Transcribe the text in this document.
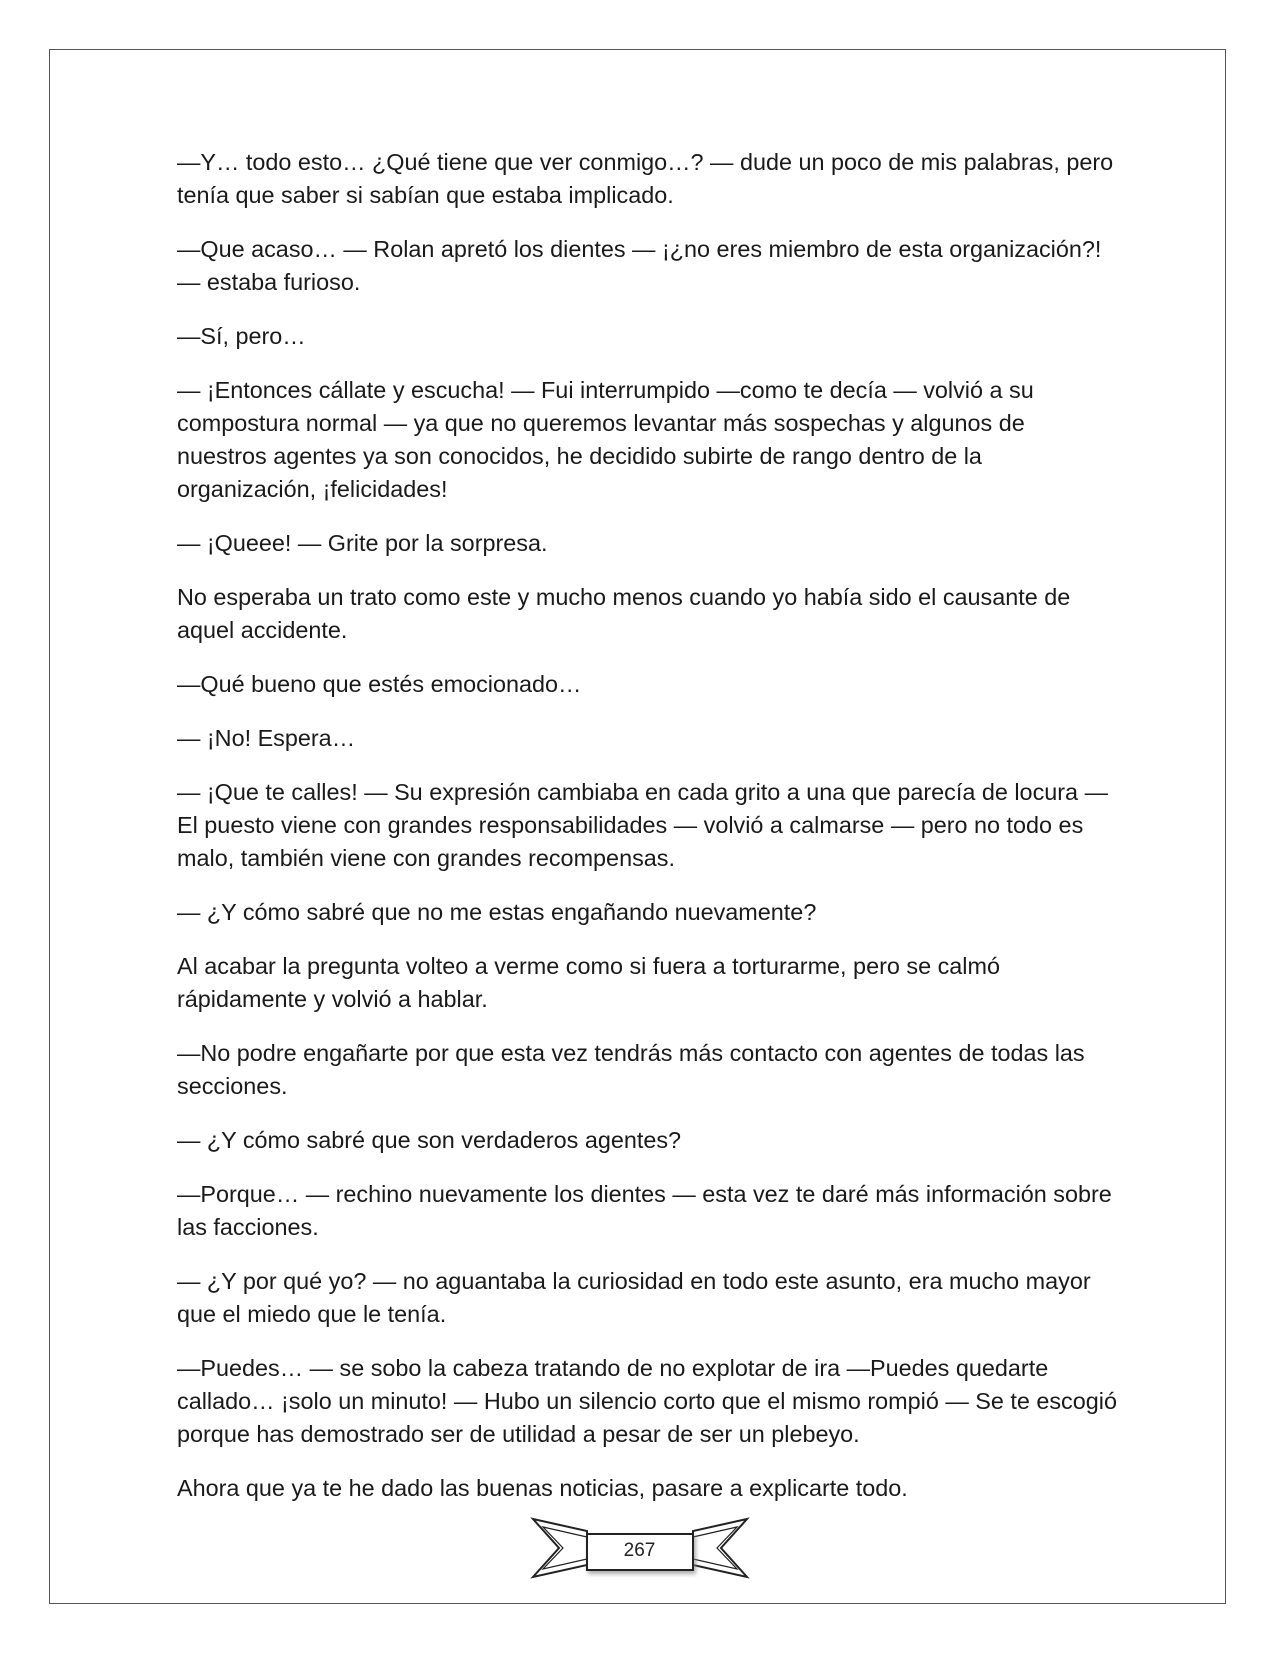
—Y… todo esto… ¿Qué tiene que ver conmigo…? — dude un poco de mis palabras, pero tenía que saber si sabían que estaba implicado.

—Que acaso… — Rolan apretó los dientes — ¡¿no eres miembro de esta organización?! — estaba furioso.

—Sí, pero…

— ¡Entonces cállate y escucha! — Fui interrumpido —como te decía — volvió a su compostura normal — ya que no queremos levantar más sospechas y algunos de nuestros agentes ya son conocidos, he decidido subirte de rango dentro de la organización, ¡felicidades!

— ¡Queee! — Grite por la sorpresa.

No esperaba un trato como este y mucho menos cuando yo había sido el causante de aquel accidente.

—Qué bueno que estés emocionado…

— ¡No! Espera…

— ¡Que te calles! — Su expresión cambiaba en cada grito a una que parecía de locura — El puesto viene con grandes responsabilidades — volvió a calmarse — pero no todo es malo, también viene con grandes recompensas.

— ¿Y cómo sabré que no me estas engañando nuevamente?

Al acabar la pregunta volteo a verme como si fuera a torturarme, pero se calmó rápidamente y volvió a hablar.

—No podre engañarte por que esta vez tendrás más contacto con agentes de todas las secciones.

— ¿Y cómo sabré que son verdaderos agentes?

—Porque… — rechino nuevamente los dientes — esta vez te daré más información sobre las facciones.

— ¿Y por qué yo? — no aguantaba la curiosidad en todo este asunto, era mucho mayor que el miedo que le tenía.

—Puedes… — se sobo la cabeza tratando de no explotar de ira —Puedes quedarte callado… ¡solo un minuto! — Hubo un silencio corto que el mismo rompió — Se te escogió porque has demostrado ser de utilidad a pesar de ser un plebeyo.

Ahora que ya te he dado las buenas noticias, pasare a explicarte todo.

267
